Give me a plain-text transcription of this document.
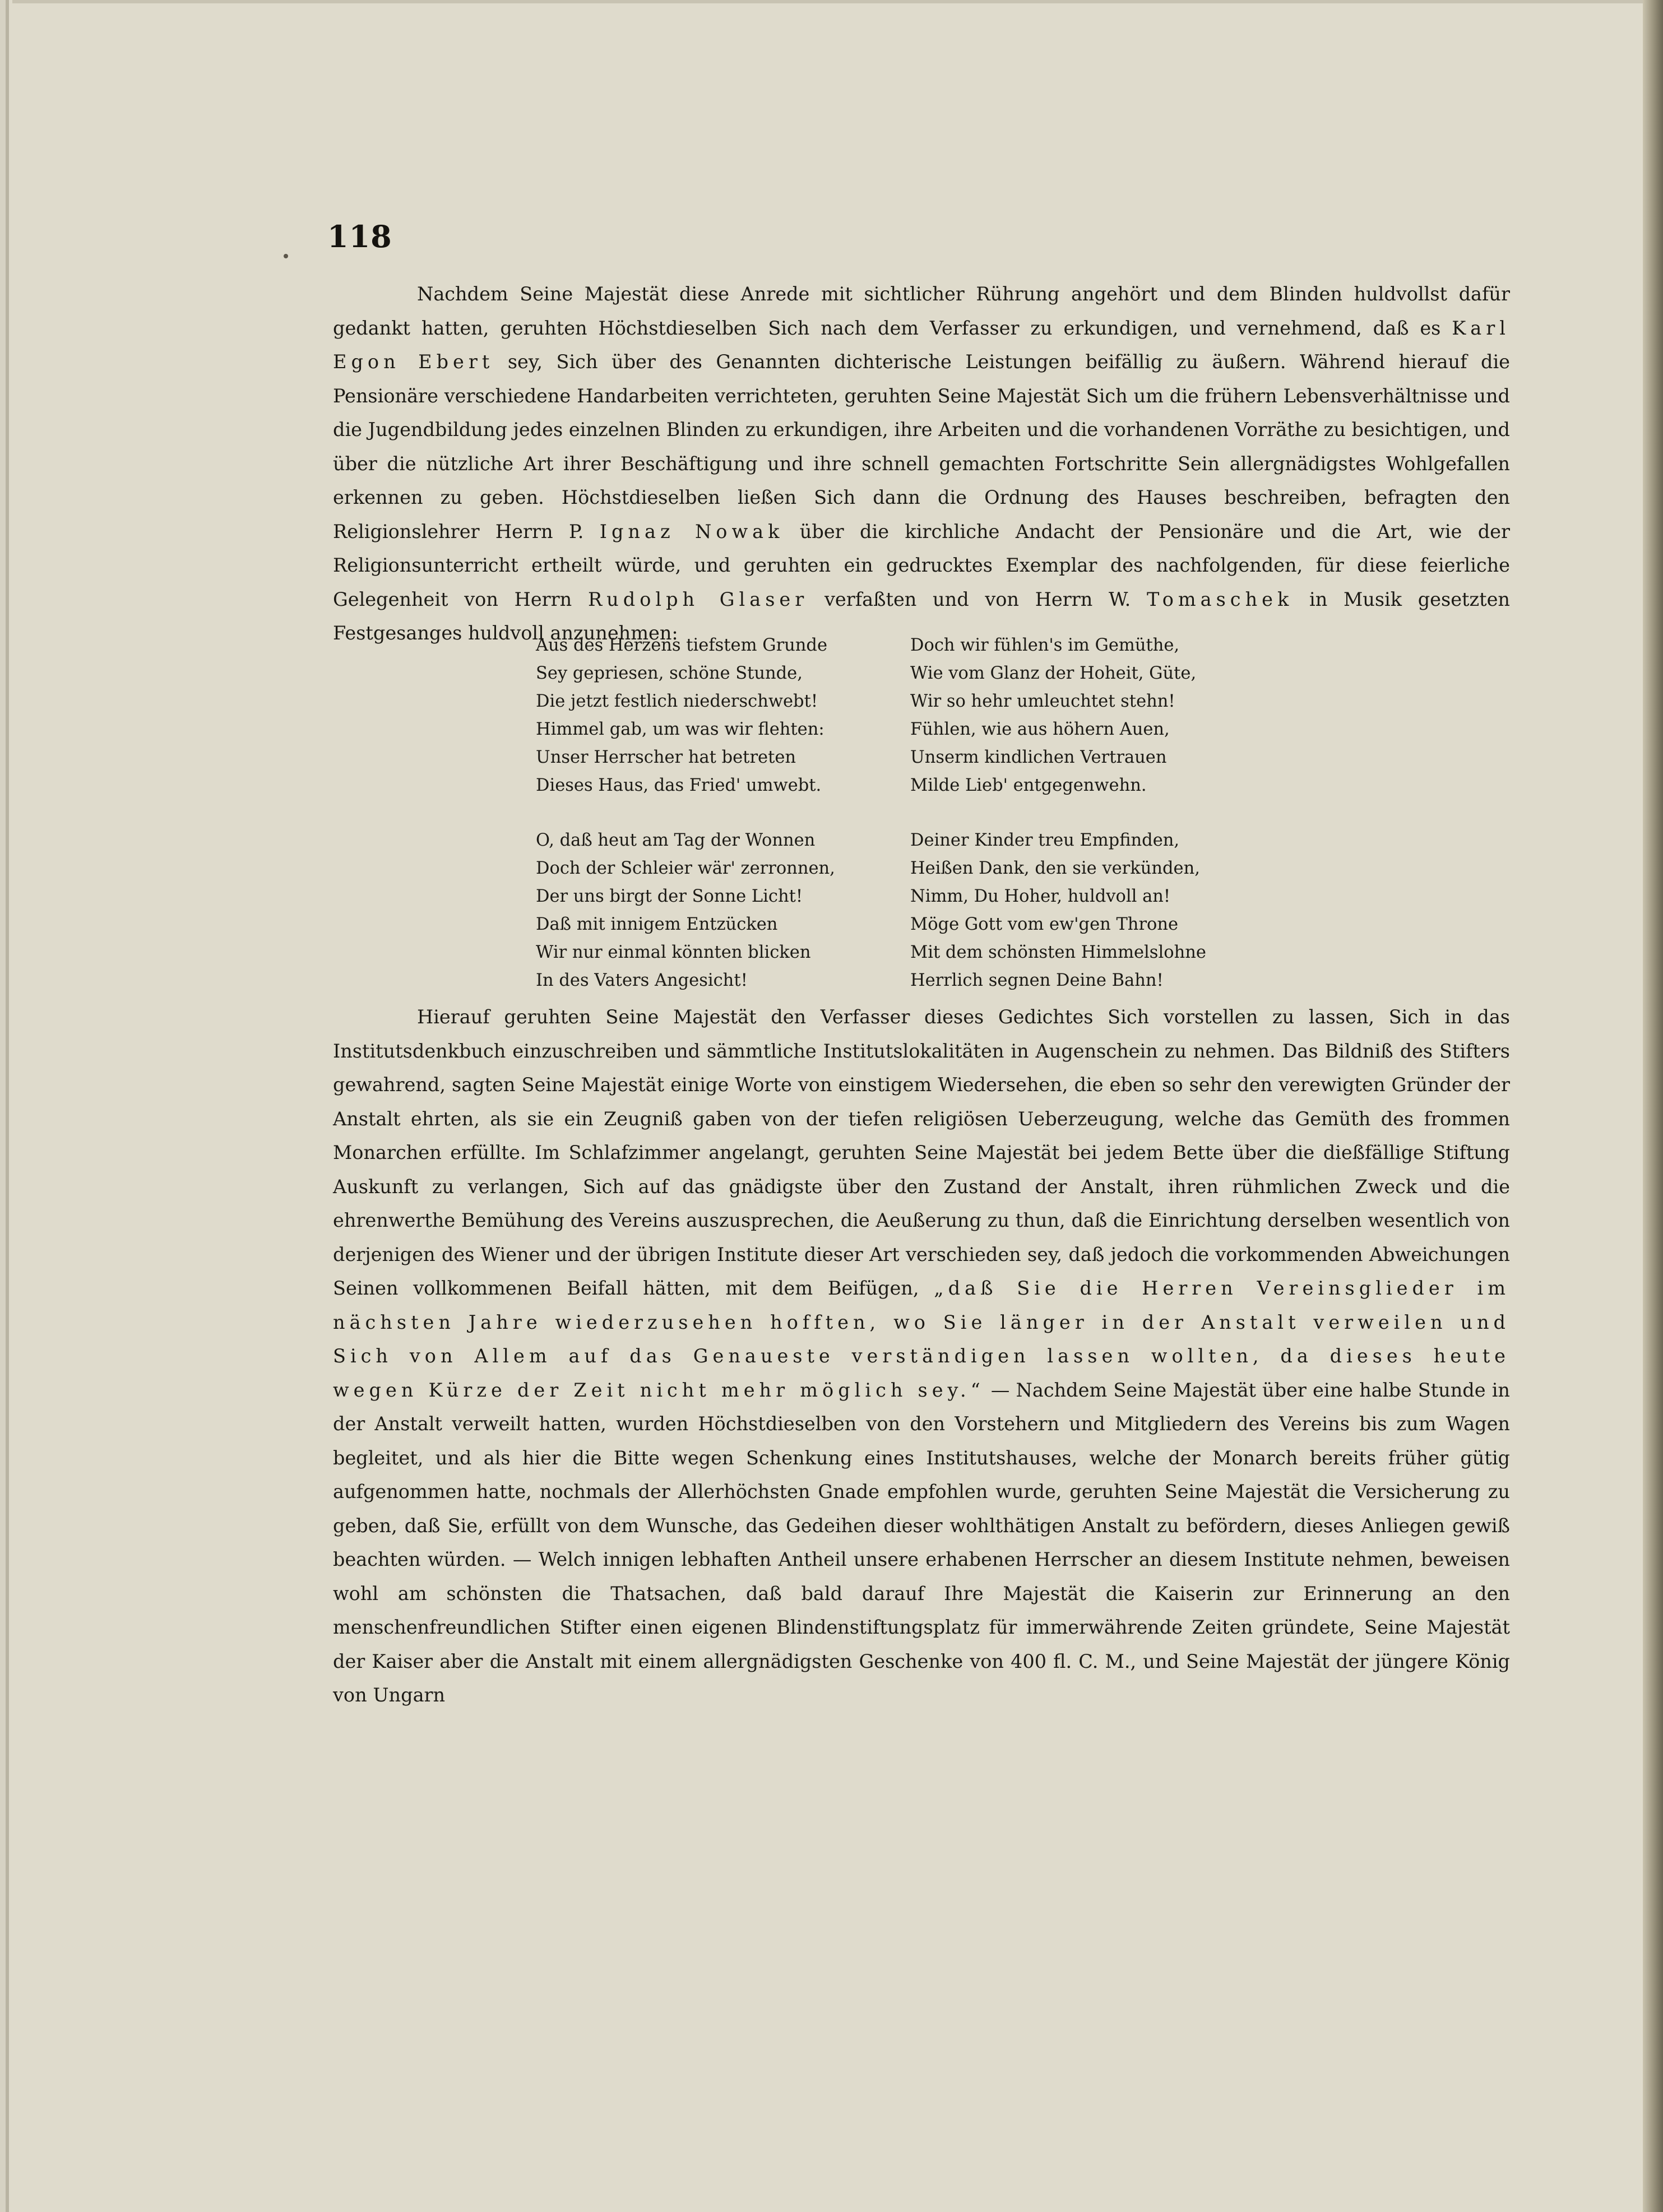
118

Nachdem Seine Majestät diese Anrede mit sichtlicher Rührung angehört und dem Blinden huldvollst dafür gedankt hatten, geruhten Höchstdieselben Sich nach dem Verfasser zu erkundigen, und vernehmend, daß es Karl Egon Ebert sey, Sich über des Genannten dichterische Leistungen beifällig zu äußern. Während hierauf die Pensionäre verschiedene Handarbeiten verrichteten, geruhten Seine Majestät Sich um die frühern Lebensverhältnisse und die Jugendbildung jedes einzelnen Blinden zu erkundigen, ihre Arbeiten und die vorhandenen Vorräthe zu besichtigen, und über die nützliche Art ihrer Beschäftigung und ihre schnell gemachten Fortschritte Sein allergnädigstes Wohlgefallen erkennen zu geben. Höchstdieselben ließen Sich dann die Ordnung des Hauses beschreiben, befragten den Religionslehrer Herrn P. Ignaz Nowak über die kirchliche Andacht der Pensionäre und die Art, wie der Religionsunterricht ertheilt würde, und geruhten ein gedrucktes Exemplar des nachfolgenden, für diese feierliche Gelegenheit von Herrn Rudolph Glaser verfaßten und von Herrn W. Tomaschek in Musik gesetzten Festgesanges huldvoll anzunehmen:

Aus des Herzens tiefstem Grunde
Sey gepriesen, schöne Stunde,
Die jetzt festlich niederschwebt!
Himmel gab, um was wir flehten:
Unser Herrscher hat betreten
Dieses Haus, das Fried' umwebt.
O, daß heut am Tag der Wonnen
Doch der Schleier wär' zerronnen,
Der uns birgt der Sonne Licht!
Daß mit innigem Entzücken
Wir nur einmal könnten blicken
In des Vaters Angesicht!
Doch wir fühlen's im Gemüthe,
Wie vom Glanz der Hoheit, Güte,
Wir so hehr umleuchtet stehn!
Fühlen, wie aus höhern Auen,
Unserm kindlichen Vertrauen
Milde Lieb' entgegenwehn.
Deiner Kinder treu Empfinden,
Heißen Dank, den sie verkünden,
Nimm, Du Hoher, huldvoll an!
Möge Gott vom ew'gen Throne
Mit dem schönsten Himmelslohne
Herrlich segnen Deine Bahn!

Hierauf geruhten Seine Majestät den Verfasser dieses Gedichtes Sich vorstellen zu lassen, Sich in das Institutsdenkbuch einzuschreiben und sämmtliche Institutslokalitäten in Augenschein zu nehmen. Das Bildniß des Stifters gewahrend, sagten Seine Majestät einige Worte von einstigem Wiedersehen, die eben so sehr den verewigten Gründer der Anstalt ehrten, als sie ein Zeugniß gaben von der tiefen religiösen Ueberzeugung, welche das Gemüth des frommen Monarchen erfüllte. Im Schlafzimmer angelangt, geruhten Seine Majestät bei jedem Bette über die dießfällige Stiftung Auskunft zu verlangen, Sich auf das gnädigste über den Zustand der Anstalt, ihren rühmlichen Zweck und die ehrenwerthe Bemühung des Vereins auszusprechen, die Aeußerung zu thun, daß die Einrichtung derselben wesentlich von derjenigen des Wiener und der übrigen Institute dieser Art verschieden sey, daß jedoch die vorkommenden Abweichungen Seinen vollkommenen Beifall hätten, mit dem Beifügen, „daß Sie die Herren Vereinsglieder im nächsten Jahre wiederzusehen hofften, wo Sie länger in der Anstalt verweilen und Sich von Allem auf das Genaueste verständigen lassen wollten, da dieses heute wegen Kürze der Zeit nicht mehr möglich sey.“ — Nachdem Seine Majestät über eine halbe Stunde in der Anstalt verweilt hatten, wurden Höchstdieselben von den Vorstehern und Mitgliedern des Vereins bis zum Wagen begleitet, und als hier die Bitte wegen Schenkung eines Institutshauses, welche der Monarch bereits früher gütig aufgenommen hatte, nochmals der Allerhöchsten Gnade empfohlen wurde, geruhten Seine Majestät die Versicherung zu geben, daß Sie, erfüllt von dem Wunsche, das Gedeihen dieser wohlthätigen Anstalt zu befördern, dieses Anliegen gewiß beachten würden. — Welch innigen lebhaften Antheil unsere erhabenen Herrscher an diesem Institute nehmen, beweisen wohl am schönsten die Thatsachen, daß bald darauf Ihre Majestät die Kaiserin zur Erinnerung an den menschenfreundlichen Stifter einen eigenen Blindenstiftungsplatz für immerwährende Zeiten gründete, Seine Majestät der Kaiser aber die Anstalt mit einem allergnädigsten Geschenke von 400 fl. C. M., und Seine Majestät der jüngere König von Ungarn
